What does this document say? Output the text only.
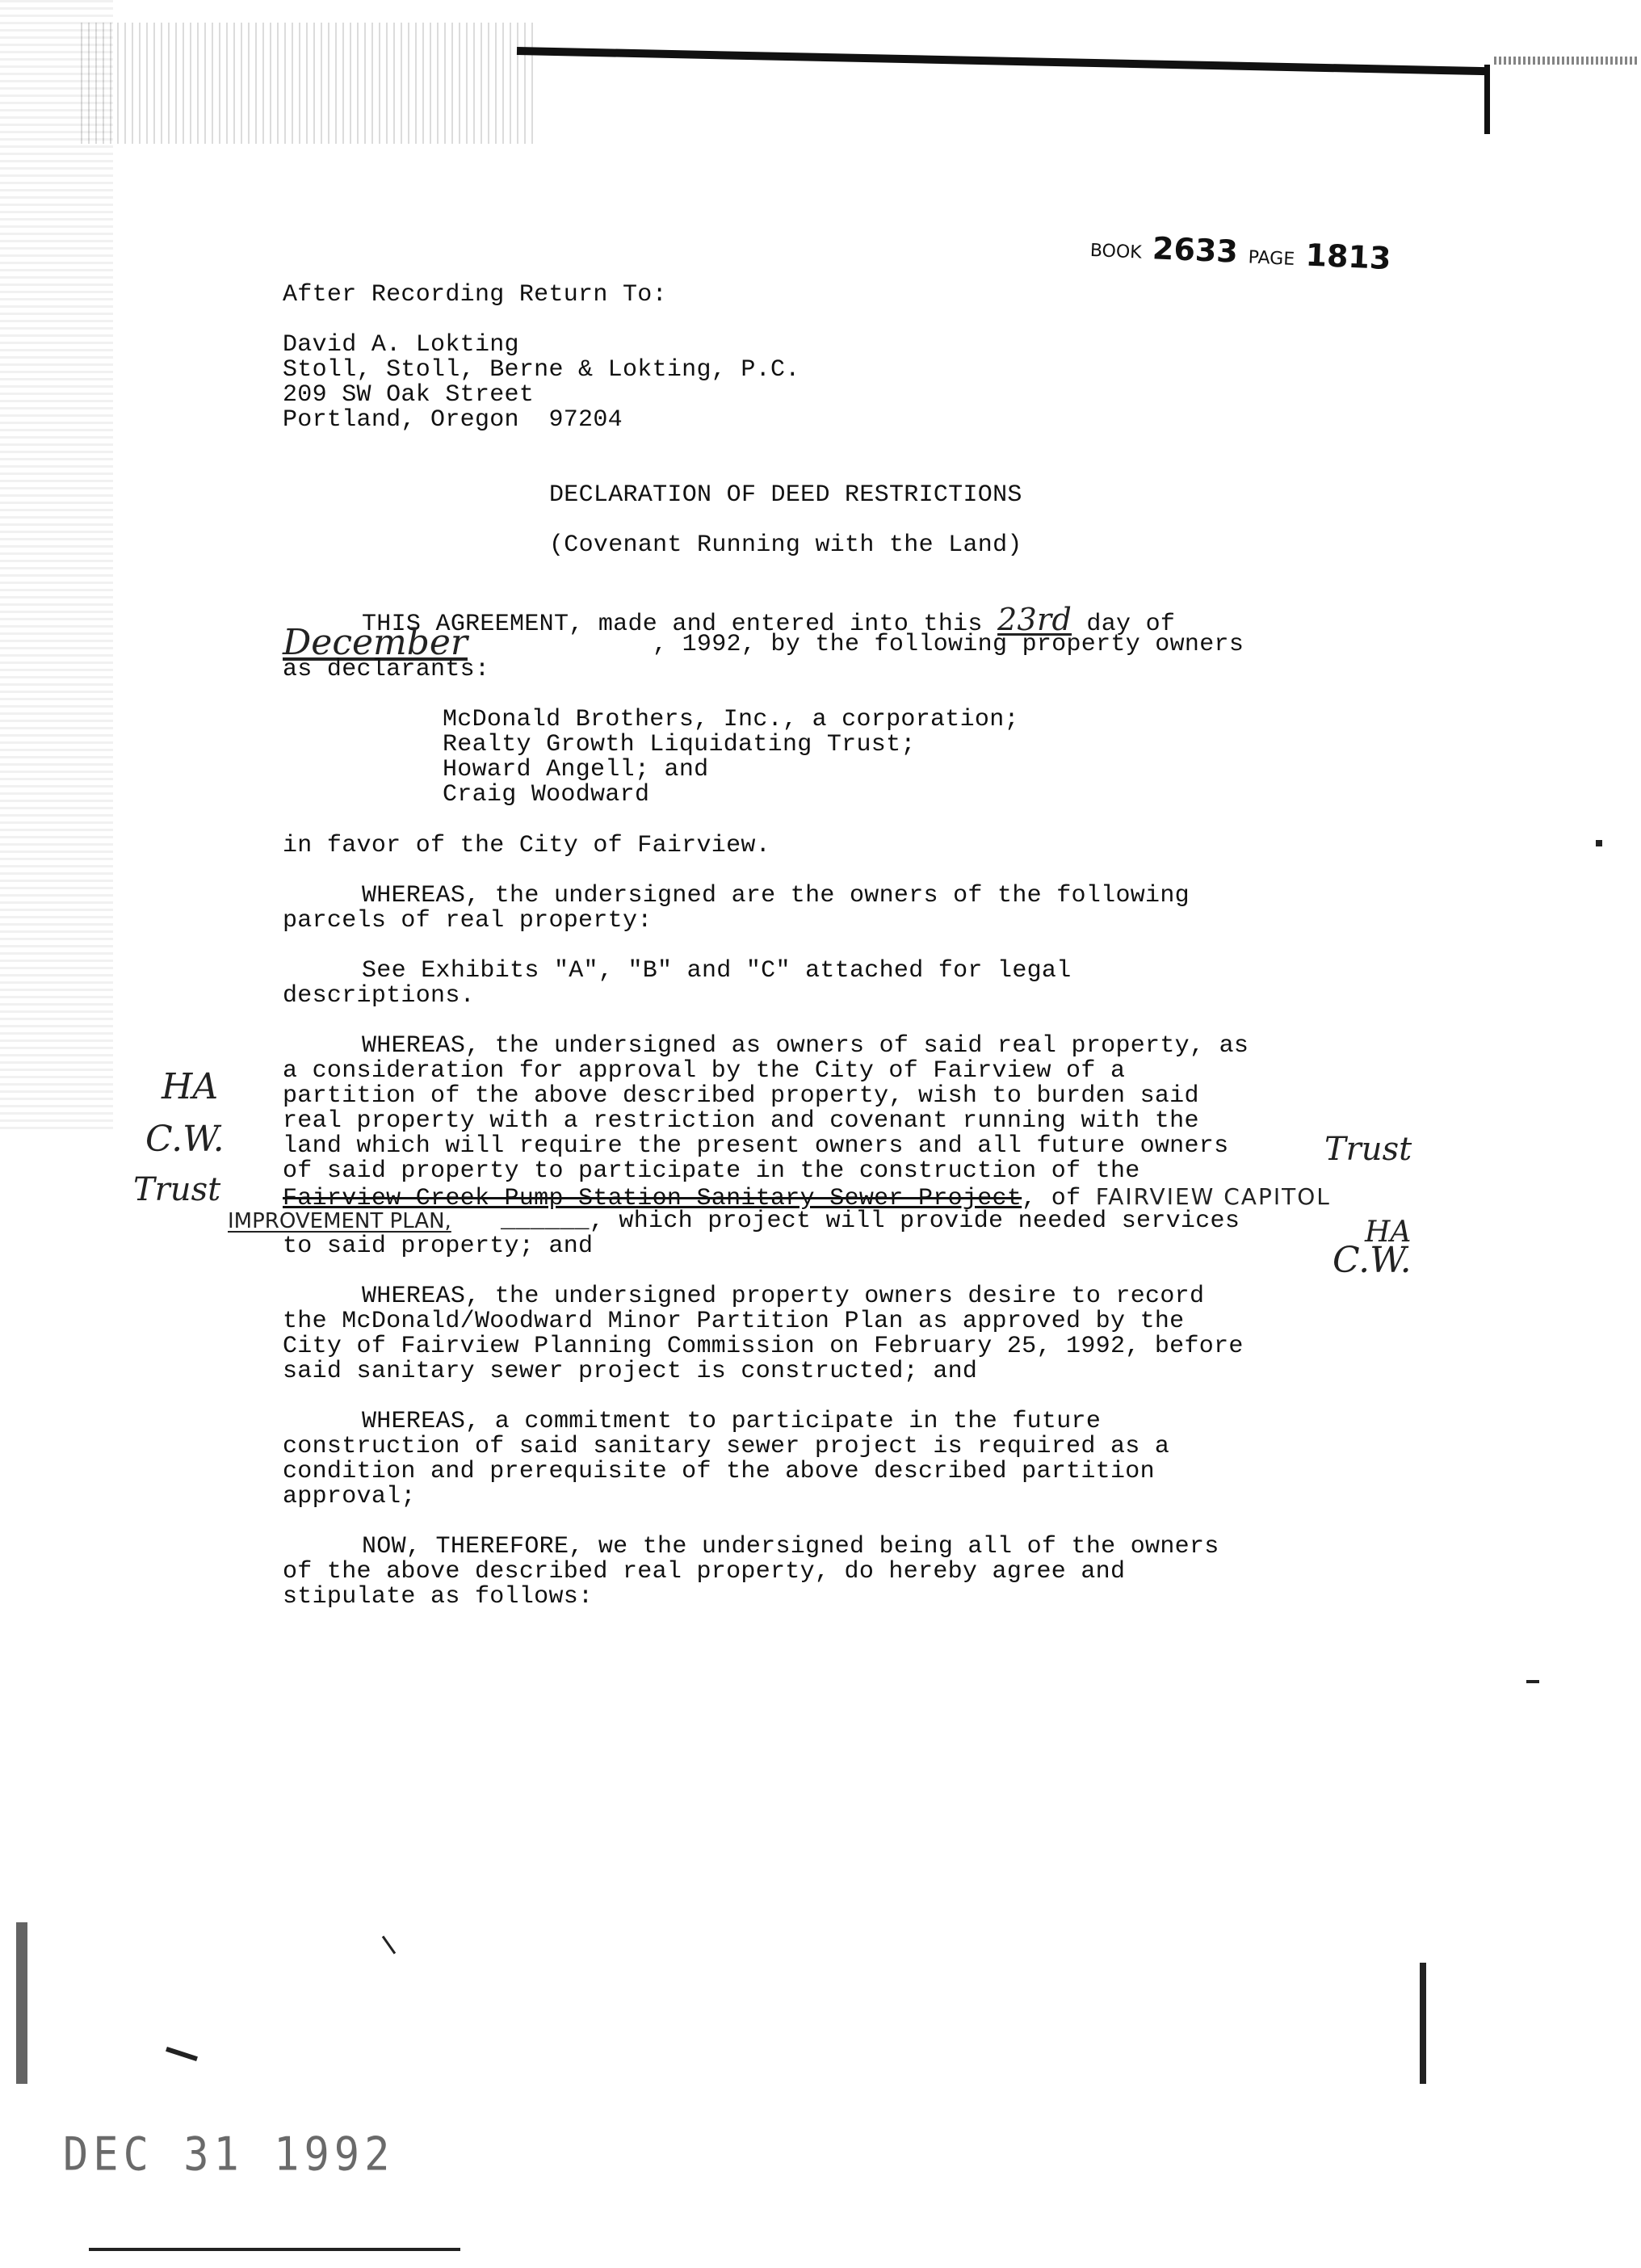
BOOK 2633 PAGE 1813
After Recording Return To:
David A. Lokting
Stoll, Stoll, Berne & Lokting, P.C.
209 SW Oak Street
Portland, Oregon  97204
DECLARATION OF DEED RESTRICTIONS
(Covenant Running with the Land)
THIS AGREEMENT, made and entered into this 23rd day of
December	, 1992, by the following property owners
as declarants:
McDonald Brothers, Inc., a corporation;
Realty Growth Liquidating Trust;
Howard Angell; and
Craig Woodward
in favor of the City of Fairview.
WHEREAS, the undersigned are the owners of the following
parcels of real property:
See Exhibits "A", "B" and "C" attached for legal
descriptions.
WHEREAS, the undersigned as owners of said real property, as
a consideration for approval by the City of Fairview of a
partition of the above described property, wish to burden said
real property with a restriction and covenant running with the
land which will require the present owners and all future owners
of said property to participate in the construction of the
Fairview Creek Pump Station Sanitary Sewer Project, of FAIRVIEW CAPITOL
IMPROVEMENT PLAN, ______, which project will provide needed services
to said property; and
HA
C.W.
Trust
Trust
HA
C.W.
WHEREAS, the undersigned property owners desire to record
the McDonald/Woodward Minor Partition Plan as approved by the
City of Fairview Planning Commission on February 25, 1992, before
said sanitary sewer project is constructed; and
WHEREAS, a commitment to participate in the future
construction of said sanitary sewer project is required as a
condition and prerequisite of the above described partition
approval;
NOW, THEREFORE, we the undersigned being all of the owners
of the above described real property, do hereby agree and
stipulate as follows:
DEC 31 1992
